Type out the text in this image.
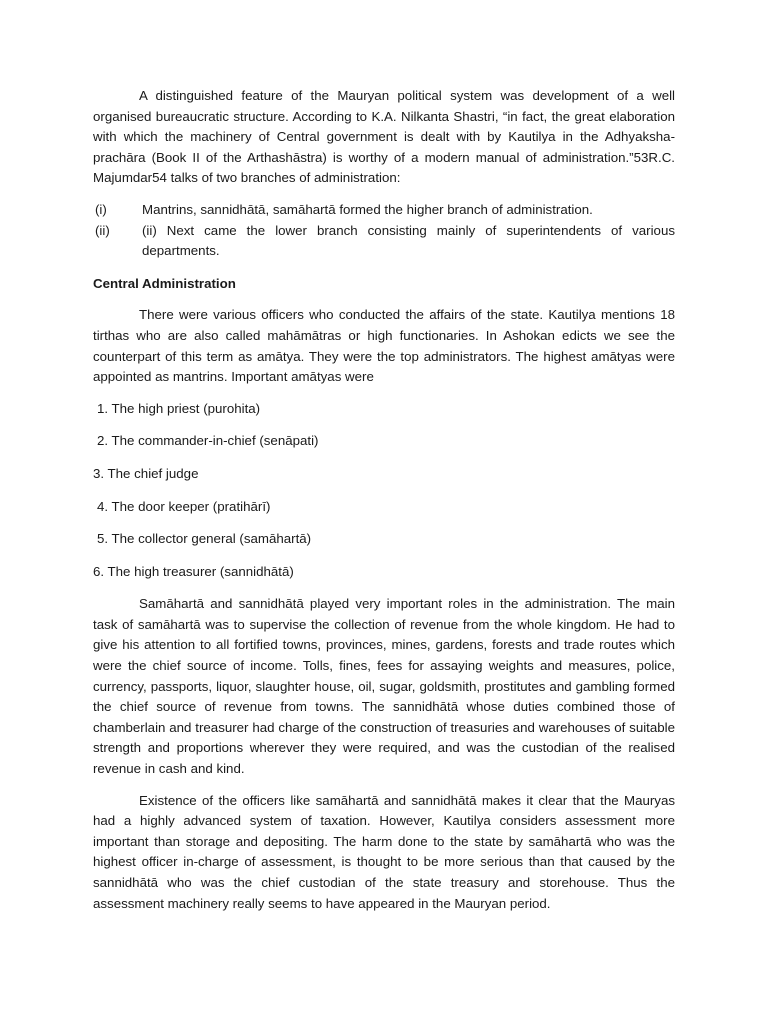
A distinguished feature of the Mauryan political system was development of a well organised bureaucratic structure. According to K.A. Nilkanta Shastri, “in fact, the great elaboration with which the machinery of Central government is dealt with by Kautilya in the Adhyaksha-prachāra (Book II of the Arthashāstra) is worthy of a modern manual of administration.”53R.C. Majumdar54 talks of two branches of administration:

(i)	Mantrins, sannidhātā, samāhartā formed the higher branch of administration.
(ii)	(ii) Next came the lower branch consisting mainly of superintendents of various departments.

Central Administration

There were various officers who conducted the affairs of the state. Kautilya mentions 18 tirthas who are also called mahāmātras or high functionaries. In Ashokan edicts we see the counterpart of this term as amātya. They were the top administrators. The highest amātyas were appointed as mantrins. Important amātyas were

1. The high priest (purohita)
2. The commander-in-chief (senāpati)
3. The chief judge
4. The door keeper (pratihārī)
5. The collector general (samāhartā)
6. The high treasurer (sannidhātā)

Samāhartā and sannidhātā played very important roles in the administration. The main task of samāhartā was to supervise the collection of revenue from the whole kingdom. He had to give his attention to all fortified towns, provinces, mines, gardens, forests and trade routes which were the chief source of income. Tolls, fines, fees for assaying weights and measures, police, currency, passports, liquor, slaughter house, oil, sugar, goldsmith, prostitutes and gambling formed the chief source of revenue from towns. The sannidhātā whose duties combined those of chamberlain and treasurer had charge of the construction of treasuries and warehouses of suitable strength and proportions wherever they were required, and was the custodian of the realised revenue in cash and kind.

Existence of the officers like samāhartā and sannidhātā makes it clear that the Mauryas had a highly advanced system of taxation. However, Kautilya considers assessment more important than storage and depositing. The harm done to the state by samāhartā who was the highest officer in-charge of assessment, is thought to be more serious than that caused by the sannidhātā who was the chief custodian of the state treasury and storehouse. Thus the assessment machinery really seems to have appeared in the Mauryan period.
